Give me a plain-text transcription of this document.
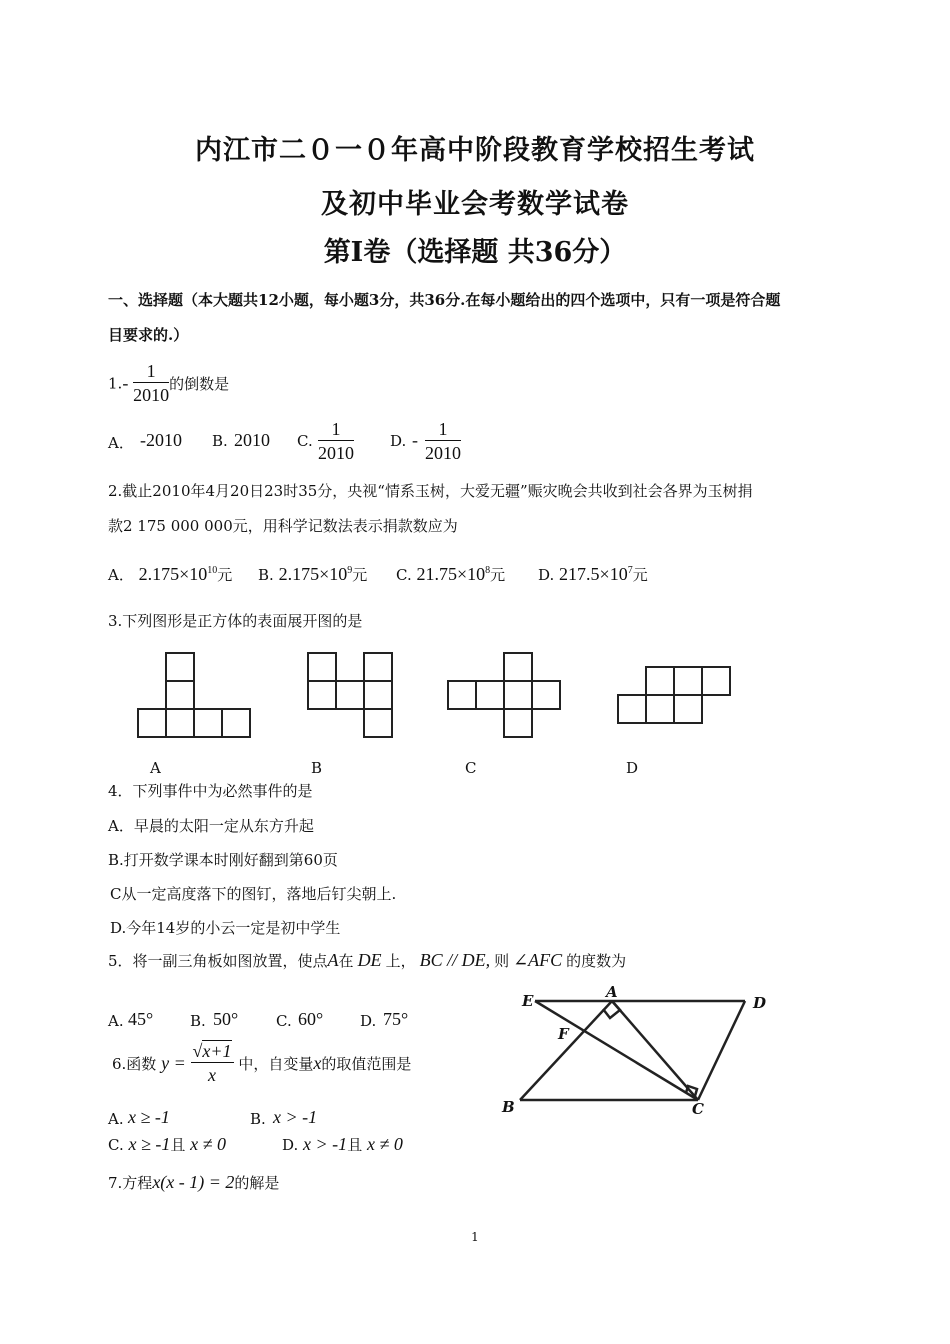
内江市二０一０年高中阶段教育学校招生考试
及初中毕业会考数学试卷
第Ⅰ卷（选择题 共36分）
一、选择题（本大题共12小题，每小题3分，共36分.在每小题给出的四个选项中，只有一项是符合题
目要求的.）
$1.- \frac{1}{2010}$ 的倒数是
A． -2010 B. 2010 C. $\frac{1}{2010} D$. - $\frac{1}{2010}$
2.截止2010年4月20日23时35分，央视“情系玉树，大爱无疆”赈灾晚会共收到社会各界为玉树捐
款2 175 000 000元，用科学记数法表示捐款数应为
A． $2.175\times 10^{10}$元 B. $2.175\times 10^9$元 C. $21.75\times 10^8$元 D. $217.5\times 10^7$元
3.下列图形是正方体的表面展开图的是
A	B	C	D
4．下列事件中为必然事件的是
A．早晨的太阳一定从东方升起
B.打开数学课本时刚好翻到第60页
C从一定高度落下的图钉，落地后钉尖朝上.
D.今年14岁的小云一定是初中学生
5．将一副三角板如图放置，使点A在 DE 上， BC // DE, 则 ∠AFC 的度数为
A. 45° B. 50°	C. 60° D. 75°
E	A
D
F
B	C
6.函数 $y = \frac{√x+1}{x}$ 中，自变量x的取值范围是
A. x ≥ -1	B. x > -1
C. x ≥ -1且 x ≠ 0	D. x > -1且 x ≠ 0
7.方程x(x - 1) = 2的解是
1
